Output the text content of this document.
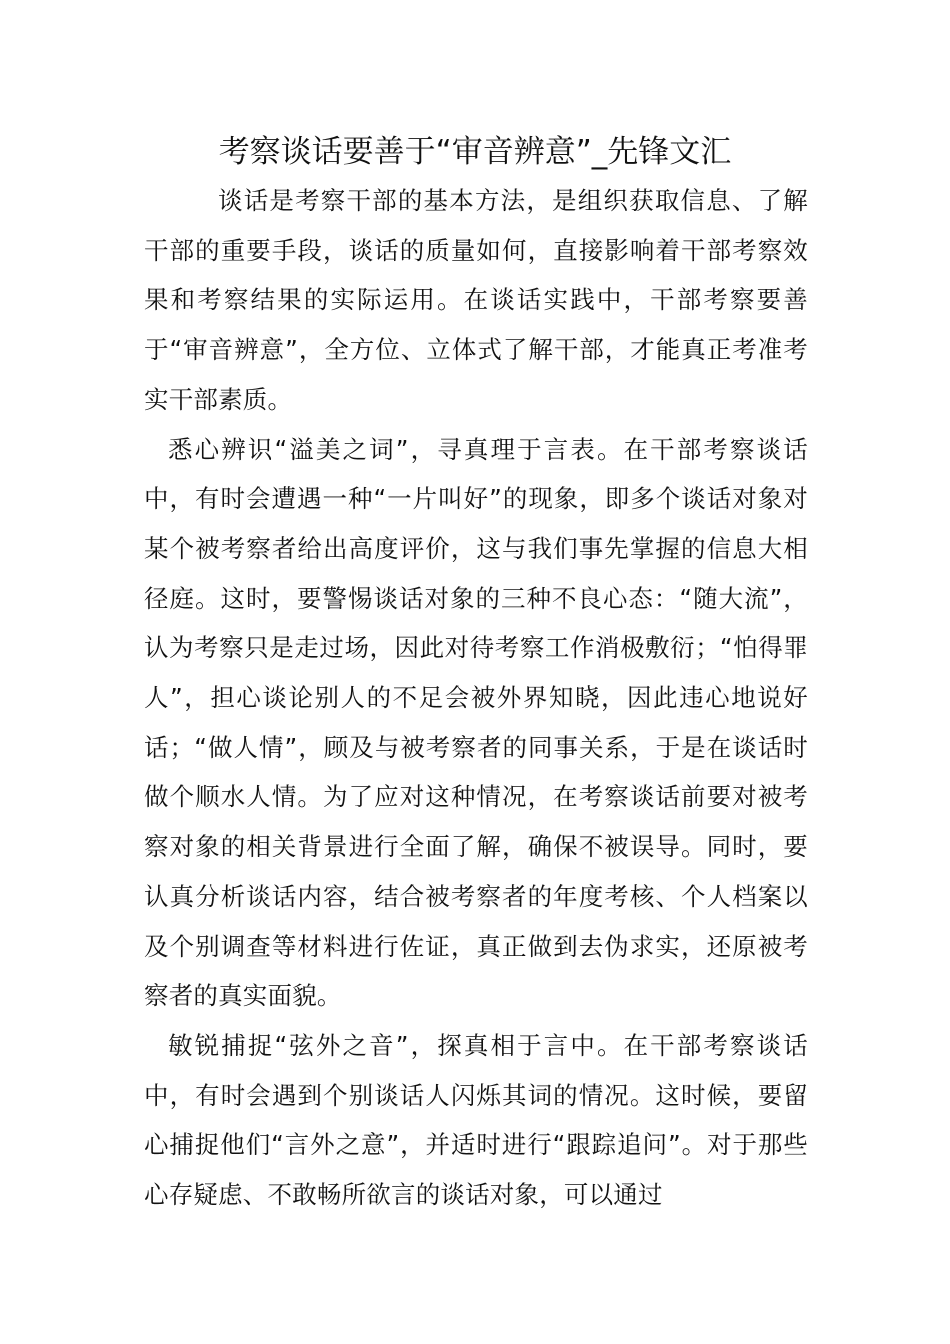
考察谈话要善于“审音辨意”_先锋文汇

谈话是考察干部的基本方法，是组织获取信息、了解干部的重要手段，谈话的质量如何，直接影响着干部考察效果和考察结果的实际运用。在谈话实践中，干部考察要善于“审音辨意”，全方位、立体式了解干部，才能真正考准考实干部素质。

悉心辨识“溢美之词”，寻真理于言表。在干部考察谈话中，有时会遭遇一种“一片叫好”的现象，即多个谈话对象对某个被考察者给出高度评价，这与我们事先掌握的信息大相径庭。这时，要警惕谈话对象的三种不良心态：“随大流”，认为考察只是走过场，因此对待考察工作消极敷衍；“怕得罪人”，担心谈论别人的不足会被外界知晓，因此违心地说好话；“做人情”，顾及与被考察者的同事关系，于是在谈话时做个顺水人情。为了应对这种情况，在考察谈话前要对被考察对象的相关背景进行全面了解，确保不被误导。同时，要认真分析谈话内容，结合被考察者的年度考核、个人档案以及个别调查等材料进行佐证，真正做到去伪求实，还原被考察者的真实面貌。

敏锐捕捉“弦外之音”，探真相于言中。在干部考察谈话中，有时会遇到个别谈话人闪烁其词的情况。这时候，要留心捕捉他们“言外之意”，并适时进行“跟踪追问”。对于那些心存疑虑、不敢畅所欲言的谈话对象，可以通过
